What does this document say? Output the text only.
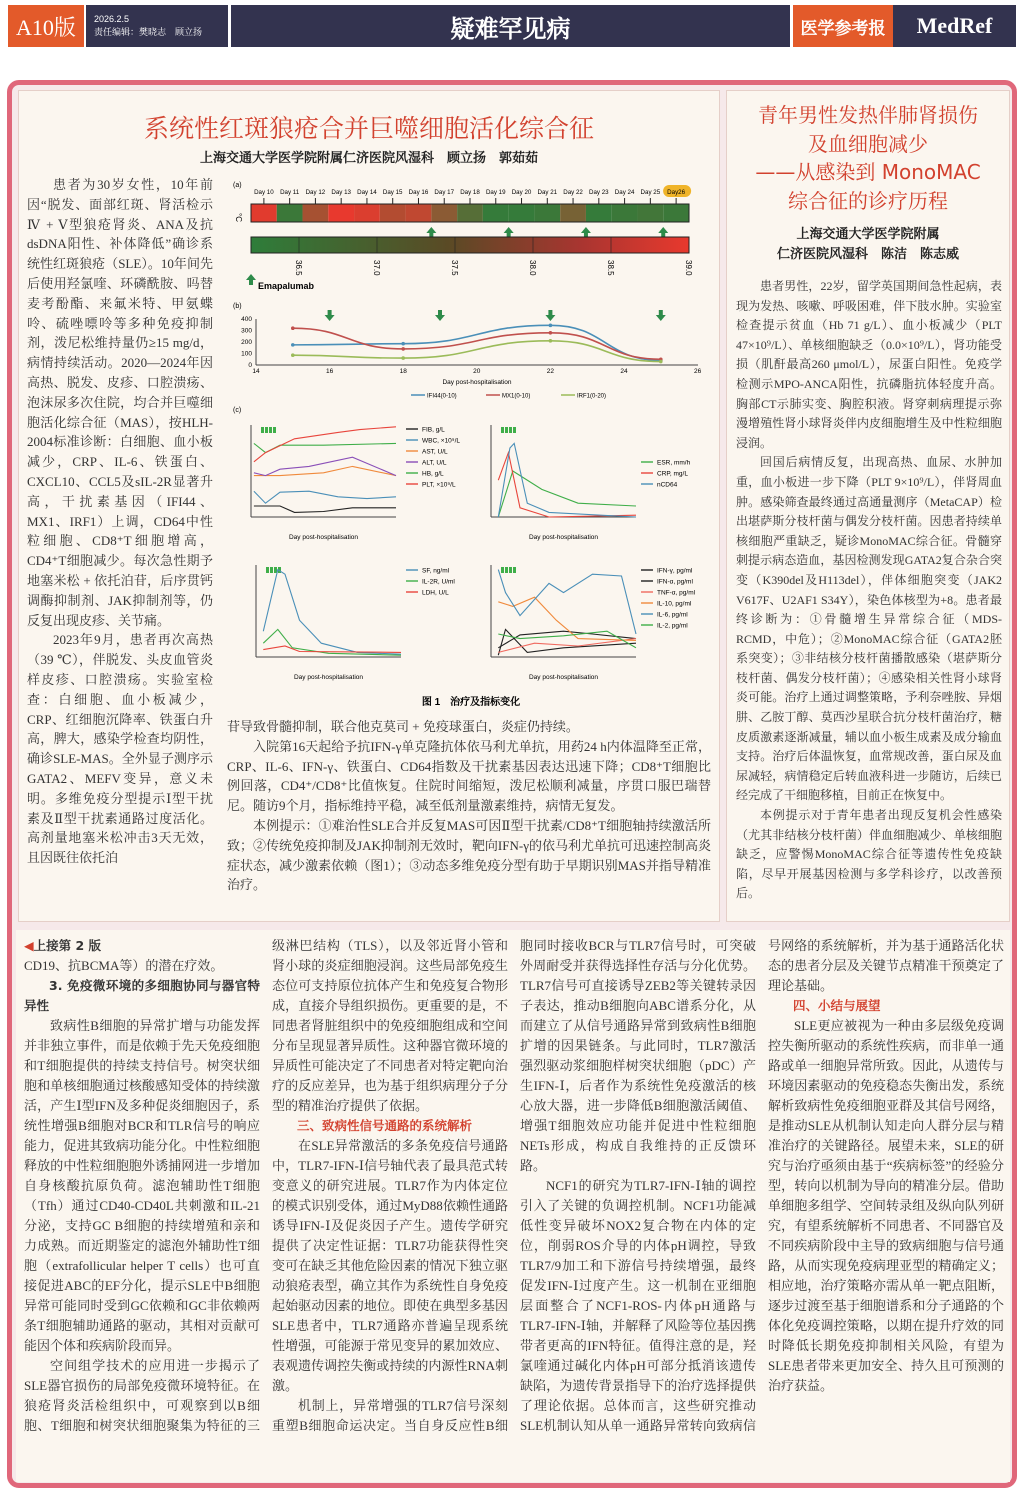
A10版	2026.2.5
责任编辑：樊晓志　顾立扬	疑难罕见病	医学参考报	MedRef
系统性红斑狼疮合并巨噬细胞活化综合征
上海交通大学医学院附属仁济医院风湿科　顾立扬　郭茹茹

患者为30岁女性，10年前因“脱发、面部红斑、肾活检示Ⅳ + Ⅴ型狼疮肾炎、ANA及抗dsDNA阳性、补体降低”确诊系统性红斑狼疮（SLE）。10年间先后使用羟氯喹、环磷酰胺、吗替麦考酚酯、来氟米特、甲氨蝶呤、硫唑嘌呤等多种免疫抑制剂，泼尼松维持量仍≥15 mg/d，病情持续活动。2020—2024年因高热、脱发、皮疹、口腔溃疡、泡沫尿多次住院，均合并巨噬细胞活化综合征（MAS），按HLH-2004标准诊断：白细胞、血小板减少，CRP、IL-6、铁蛋白、CXCL10、CCL5及sIL-2R显著升高，干扰素基因（IFI44、MX1、IRF1）上调，CD64中性粒细胞、CD8⁺T细胞增高，CD4⁺T细胞减少。每次急性期予地塞米松 + 依托泊苷，后序贯钙调酶抑制剂、JAK抑制剂等，仍反复出现皮疹、关节痛。

2023年9月，患者再次高热（39 ℃），伴脱发、头皮血管炎样皮疹、口腔溃疡。实验室检查：白细胞、血小板减少，CRP、红细胞沉降率、铁蛋白升高，脾大，感染学检查均阴性，确诊SLE-MAS。全外显子测序示GATA2、MEFV变异，意义未明。多维免疫分型提示Ⅰ型干扰素及Ⅱ型干扰素通路过度活化。高剂量地塞米松冲击3天无效，且因既往依托泊

苷导致骨髓抑制，联合他克莫司 + 免疫球蛋白，炎症仍持续。

入院第16天起给予抗IFN-γ单克隆抗体依马利尤单抗，用药24 h内体温降至正常，CRP、IL-6、IFN-γ、铁蛋白、CD64指数及干扰素基因表达迅速下降；CD8⁺T细胞比例回落，CD4⁺/CD8⁺比值恢复。住院时间缩短，泼尼松顺利减量，序贯口服巴瑞替尼。随访9个月，指标维持平稳，减至低剂量激素维持，病情无复发。

本例提示：①难治性SLE合并反复MAS可因Ⅱ型干扰素/CD8⁺T细胞轴持续激活所致；②传统免疫抑制及JAK抑制剂无效时，靶向IFN-γ的依马利尤单抗可迅速控制高炎症状态，减少激素依赖（图1）；③动态多维免疫分型有助于早期识别MAS并指导精准治疗。

(a)
Day 10 Day 11 Day 12 Day 13 Day 14 Day 15 Day 16 Day 17 Day 18 Day 19 Day 20 Day 21 Day 22 Day 23 Day 24 Day 25 Day26
°C
36.5	37.0	37.5	38.0	38.5	39.0
Emapalumab
(b)
400
300
200
100
0
14	16	18	20	22	24	26
Day post-hospitalisation
IFI44(0-10)	MX1(0-10)	IRF1(0-20)
(c)
Day post-hospitalisation
FIB, g/L
WBC, ×10⁹/L
AST, U/L
ALT, U/L
HB, g/L
PLT, ×10⁹/L
Day post-hospitalisation
ESR, mm/h
CRP, mg/L
nCD64
Day post-hospitalisation
SF, ng/ml
IL-2R, U/ml
LDH, U/L
Day post-hospitalisation
IFN-γ, pg/ml
IFN-α, pg/ml
TNF-α, pg/ml
IL-10, pg/ml
IL-6, pg/ml
IL-2, pg/ml
图 1　治疗及指标变化
青年男性发热伴肺肾损伤
及血细胞减少
——从感染到 MonoMAC
综合征的诊疗历程
上海交通大学医学院附属
仁济医院风湿科　陈洁　陈志威

患者男性，22岁，留学英国期间急性起病，表现为发热、咳嗽、呼吸困难，伴下肢水肿。实验室检查提示贫血（Hb 71 g/L）、血小板减少（PLT 47×10⁹/L）、单核细胞缺乏（0.0×10⁹/L），肾功能受损（肌酐最高260 μmol/L），尿蛋白阳性。免疫学检测示MPO-ANCA阳性，抗磷脂抗体轻度升高。胸部CT示肺实变、胸腔积液。肾穿刺病理提示弥漫增殖性肾小球肾炎伴内皮细胞增生及中性粒细胞浸润。

回国后病情反复，出现高热、血尿、水肿加重，血小板进一步下降（PLT 9×10⁹/L），伴肾周血肿。感染筛查最终通过高通量测序（MetaCAP）检出堪萨斯分枝杆菌与偶发分枝杆菌。因患者持续单核细胞严重缺乏，疑诊MonoMAC综合征。骨髓穿刺提示病态造血，基因检测发现GATA2复合杂合突变（K390del及H113del），伴体细胞突变（JAK2 V617F、U2AF1 S34Y），染色体核型为+8。患者最终诊断为：①骨髓增生异常综合征（MDS-RCMD，中危）；②MonoMAC综合征（GATA2胚系突变）；③非结核分枝杆菌播散感染（堪萨斯分枝杆菌、偶发分枝杆菌）；④感染相关性肾小球肾炎可能。治疗上通过调整策略，予利奈唑胺、异烟肼、乙胺丁醇、莫西沙星联合抗分枝杆菌治疗，糖皮质激素逐渐减量，辅以血小板生成素及成分输血支持。治疗后体温恢复，血常规改善，蛋白尿及血尿减轻，病情稳定后转血液科进一步随访，后续已经完成了干细胞移植，目前正在恢复中。

本例提示对于青年患者出现反复机会性感染（尤其非结核分枝杆菌）伴血细胞减少、单核细胞缺乏，应警惕MonoMAC综合征等遗传性免疫缺陷，尽早开展基因检测与多学科诊疗，以改善预后。

◀上接第 2 版

CD19、抗BCMA等）的潜在疗效。

3. 免疫微环境的多细胞协同与器官特异性

致病性B细胞的异常扩增与功能发挥并非独立事件，而是依赖于先天免疫细胞和T细胞提供的持续支持信号。树突状细胞和单核细胞通过核酸感知受体的持续激活，产生Ⅰ型IFN及多种促炎细胞因子，系统性增强B细胞对BCR和TLR信号的响应能力，促进其致病功能分化。中性粒细胞释放的中性粒细胞胞外诱捕网进一步增加自身核酸抗原负荷。滤泡辅助性T细胞（Tfh）通过CD40-CD40L共刺激和IL-21分泌，支持GC B细胞的持续增殖和亲和力成熟。而近期鉴定的滤泡外辅助性T细胞（extrafollicular helper T cells）也可直接促进ABC的EF分化，提示SLE中B细胞异常可能同时受到GC依赖和GC非依赖两条T细胞辅助通路的驱动，其相对贡献可能因个体和疾病阶段而异。

空间组学技术的应用进一步揭示了SLE器官损伤的局部免疫微环境特征。在狼疮肾炎活检组织中，可观察到以B细胞、T细胞和树突状细胞聚集为特征的三级淋巴结构（TLS），以及邻近肾小管和肾小球的炎症细胞浸润。这些局部免疫生态位可支持原位抗体产生和免疫复合物形成，直接介导组织损伤。更重要的是，不同患者肾脏组织中的免疫细胞组成和空间分布呈现显著异质性。这种器官微环境的异质性可能决定了不同患者对特定靶向治疗的反应差异，也为基于组织病理分子分型的精准治疗提供了依据。

三、致病性信号通路的系统解析

在SLE异常激活的多条免疫信号通路中，TLR7-IFN-Ⅰ信号轴代表了最具范式转变意义的研究进展。TLR7作为内体定位的模式识别受体，通过MyD88依赖性通路诱导IFN-Ⅰ及促炎因子产生。遗传学研究提供了决定性证据：TLR7功能获得性突变可在缺乏其他危险因素的情况下独立驱动狼疮表型，确立其作为系统性自身免疫起始驱动因素的地位。即使在典型多基因SLE患者中，TLR7通路亦普遍呈现系统性增强，可能源于常见变异的累加效应、表观遗传调控失衡或持续的内源性RNA刺激。

机制上，异常增强的TLR7信号深刻重塑B细胞命运决定。当自身反应性B细胞同时接收BCR与TLR7信号时，可突破外周耐受并获得选择性存活与分化优势。TLR7信号可直接诱导ZEB2等关键转录因子表达，推动B细胞向ABC谱系分化，从而建立了从信号通路异常到致病性B细胞扩增的因果链条。与此同时，TLR7激活强烈驱动浆细胞样树突状细胞（pDC）产生IFN-Ⅰ，后者作为系统性免疫激活的核心放大器，进一步降低B细胞激活阈值、增强T细胞效应功能并促进中性粒细胞NETs形成，构成自我维持的正反馈环路。

NCF1的研究为TLR7-IFN-Ⅰ轴的调控引入了关键的负调控机制。NCF1功能减低性变异破坏NOX2复合物在内体的定位，削弱ROS介导的内体pH调控，导致TLR7/9加工和下游信号持续增强，最终促发IFN-Ⅰ过度产生。这一机制在亚细胞层面整合了NCF1-ROS-内体pH通路与TLR7-IFN-Ⅰ轴，并解释了风险等位基因携带者更高的IFN特征。值得注意的是，羟氯喹通过碱化内体pH可部分抵消该遗传缺陷，为遗传背景指导下的治疗选择提供了理论依据。总体而言，这些研究推动SLE机制认知从单一通路异常转向致病信号网络的系统解析，并为基于通路活化状态的患者分层及关键节点精准干预奠定了理论基础。

四、小结与展望

SLE更应被视为一种由多层级免疫调控失衡所驱动的系统性疾病，而非单一通路或单一细胞异常所致。因此，从遗传与环境因素驱动的免疫稳态失衡出发，系统解析致病性免疫细胞亚群及其信号网络，是推动SLE从机制认知走向人群分层与精准治疗的关键路径。展望未来，SLE的研究与治疗亟须由基于“疾病标签”的经验分型，转向以机制为导向的精准分层。借助单细胞多组学、空间转录组及纵向队列研究，有望系统解析不同患者、不同器官及不同疾病阶段中主导的致病细胞与信号通路，从而实现免疫病理亚型的精确定义；相应地，治疗策略亦需从单一靶点阻断，逐步过渡至基于细胞谱系和分子通路的个体化免疫调控策略，以期在提升疗效的同时降低长期免疫抑制相关风险，有望为SLE患者带来更加安全、持久且可预测的治疗获益。
